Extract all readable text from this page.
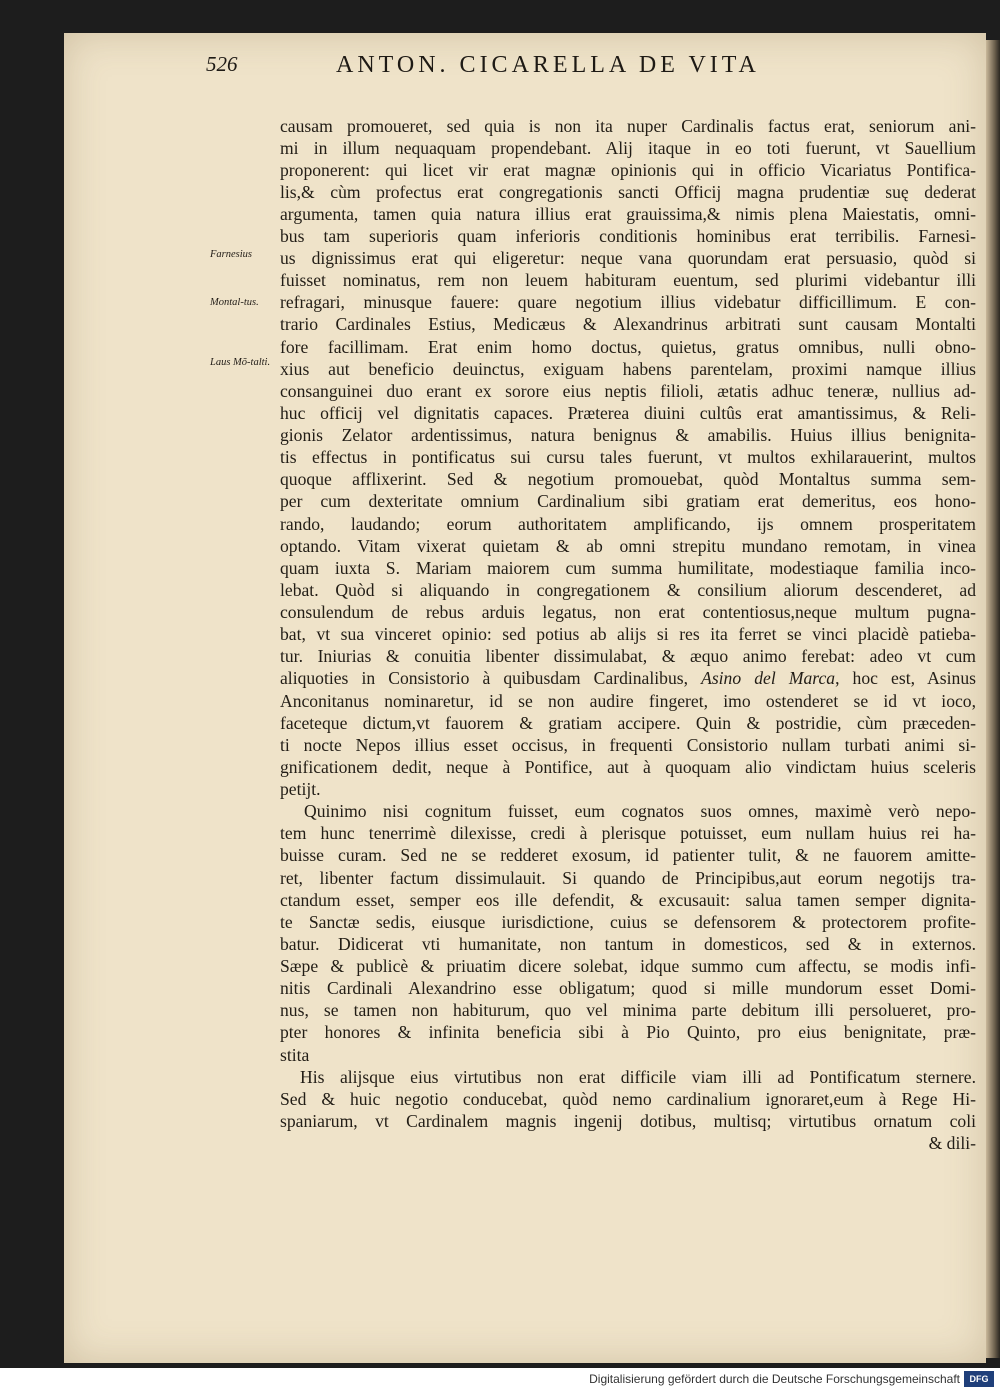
526	ANTON. CICARELLA DE VITA
Farnesius
Montal-tus.
Laus Mõ-talti.

causam promoueret, sed quia is non ita nuper Cardinalis factus erat, seniorum ani-

mi in illum nequaquam propendebant. Alij itaque in eo toti fuerunt, vt Sauellium

proponerent: qui licet vir erat magnæ opinionis qui in officio Vicariatus Pontifica-

lis,& cùm profectus erat congregationis sancti Officij magna prudentiæ suę dederat

argumenta, tamen quia natura illius erat grauissima,& nimis plena Maiestatis, omni-

bus tam superioris quam inferioris conditionis hominibus erat terribilis. Farnesi-

us dignissimus erat qui eligeretur: neque vana quorundam erat persuasio, quòd si

fuisset nominatus, rem non leuem habituram euentum, sed plurimi videbantur illi

refragari, minusque fauere: quare negotium illius videbatur difficillimum. E con-

trario Cardinales Estius, Medicæus & Alexandrinus arbitrati sunt causam Montalti

fore facillimam. Erat enim homo doctus, quietus, gratus omnibus, nulli obno-

xius aut beneficio deuinctus, exiguam habens parentelam, proximi namque illius

consanguinei duo erant ex sorore eius neptis filioli, ætatis adhuc teneræ, nullius ad-

huc officij vel dignitatis capaces. Præterea diuini cultûs erat amantissimus, & Reli-

gionis Zelator ardentissimus, natura benignus & amabilis. Huius illius benignita-

tis effectus in pontificatus sui cursu tales fuerunt, vt multos exhilarauerint, multos

quoque afflixerint. Sed & negotium promouebat, quòd Montaltus summa sem-

per cum dexteritate omnium Cardinalium sibi gratiam erat demeritus, eos hono-

rando, laudando; eorum authoritatem amplificando, ijs omnem prosperitatem

optando. Vitam vixerat quietam & ab omni strepitu mundano remotam, in vinea

quam iuxta S. Mariam maiorem cum summa humilitate, modestiaque familia inco-

lebat. Quòd si aliquando in congregationem & consilium aliorum descenderet, ad

consulendum de rebus arduis legatus, non erat contentiosus,neque multum pugna-

bat, vt sua vinceret opinio: sed potius ab alijs si res ita ferret se vinci placidè patieba-

tur. Iniurias & conuitia libenter dissimulabat, & æquo animo ferebat: adeo vt cum

aliquoties in Consistorio à quibusdam Cardinalibus, Asino del Marca, hoc est, Asinus

Anconitanus nominaretur, id se non audire fingeret, imo ostenderet se id vt ioco,

faceteque dictum,vt fauorem & gratiam accipere. Quin & postridie, cùm præceden-

ti nocte Nepos illius esset occisus, in frequenti Consistorio nullam turbati animi si-

gnificationem dedit, neque à Pontifice, aut à quoquam alio vindictam huius sceleris

petijt.

Quinimo nisi cognitum fuisset, eum cognatos suos omnes, maximè verò nepo-

tem hunc tenerrimè dilexisse, credi à plerisque potuisset, eum nullam huius rei ha-

buisse curam. Sed ne se redderet exosum, id patienter tulit, & ne fauorem amitte-

ret, libenter factum dissimulauit. Si quando de Principibus,aut eorum negotijs tra-

ctandum esset, semper eos ille defendit, & excusauit: salua tamen semper dignita-

te Sanctæ sedis, eiusque iurisdictione, cuius se defensorem & protectorem profite-

batur. Didicerat vti humanitate, non tantum in domesticos, sed & in externos.

Sæpe & publicè & priuatim dicere solebat, idque summo cum affectu, se modis infi-

nitis Cardinali Alexandrino esse obligatum; quod si mille mundorum esset Domi-

nus, se tamen non habiturum, quo vel minima parte debitum illi persolueret, pro-

pter honores & infinita beneficia sibi à Pio Quinto, pro eius benignitate, præ-

stita

His alijsque eius virtutibus non erat difficile viam illi ad Pontificatum sternere.

Sed & huic negotio conducebat, quòd nemo cardinalium ignoraret,eum à Rege Hi-

spaniarum, vt Cardinalem magnis ingenij dotibus, multisq; virtutibus ornatum coli

& dili-

Digitalisierung gefördert durch die Deutsche Forschungsgemeinschaft	DFG
